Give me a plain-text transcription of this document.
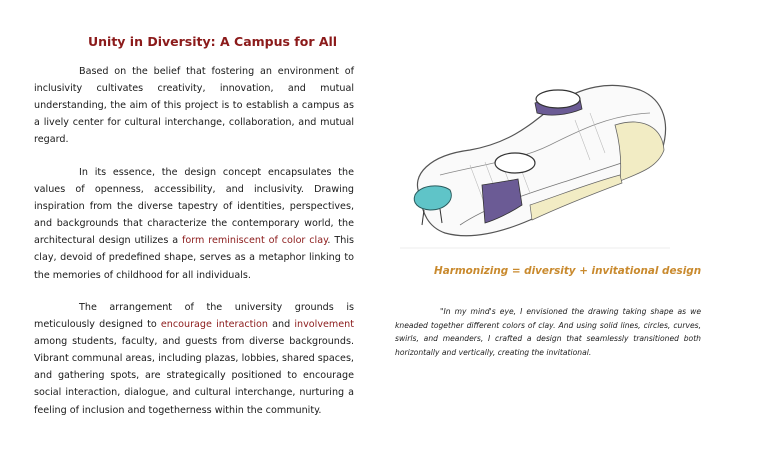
Unity in Diversity: A Campus for All

Based on the belief that fostering an environment of inclusivity cultivates creativity, innovation, and mutual understanding, the aim of this project is to establish a campus as a lively center for cultural interchange, collaboration, and mutual regard.

In its essence, the design concept encapsulates the values of openness, accessibility, and inclusivity. Drawing inspiration from the diverse tapestry of identities, perspectives, and backgrounds that characterize the contemporary world, the architectural design utilizes a form reminiscent of color clay. This clay, devoid of predefined shape, serves as a metaphor linking to the memories of childhood for all individuals.

The arrangement of the university grounds is meticulously designed to encourage interaction and involvement among students, faculty, and guests from diverse backgrounds. Vibrant communal areas, including plazas, lobbies, shared spaces, and gathering spots, are strategically positioned to encourage social interaction, dialogue, and cultural interchange, nurturing a feeling of inclusion and togetherness within the community.

Harmonizing = diversity + invitational design

"In my mind's eye, I envisioned the drawing taking shape as we kneaded together different colors of clay. And using solid lines, circles, curves, swirls, and meanders, I crafted a design that seamlessly transitioned both horizontally and vertically, creating the invitational.
